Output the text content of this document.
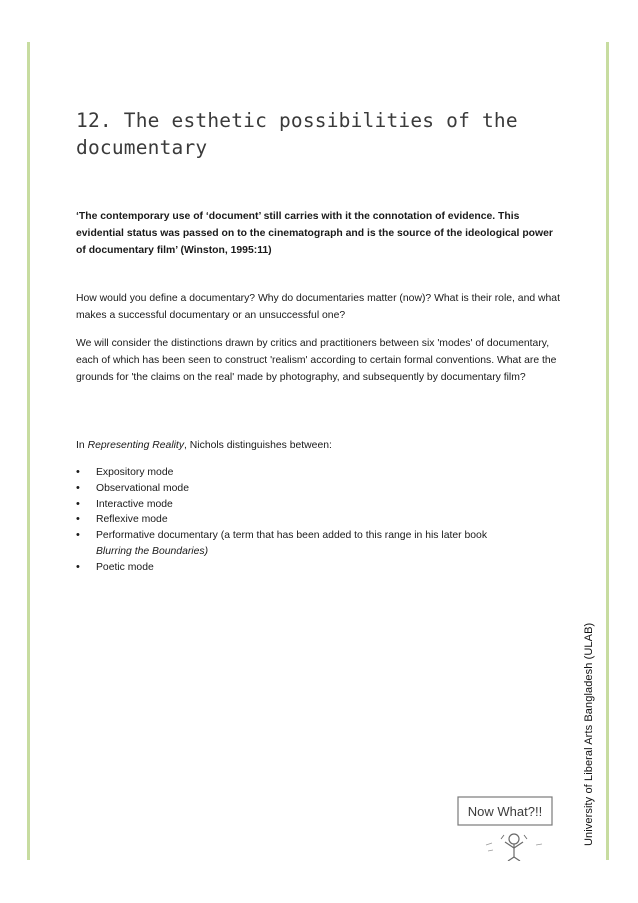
12. The esthetic possibilities of the documentary

‘The contemporary use of ‘document’ still carries with it the connotation of evidence. This evidential status was passed on to the cinematograph and is the source of the ideological power of documentary film’ (Winston, 1995:11)

How would you define a documentary? Why do documentaries matter (now)? What is their role, and what makes a successful documentary or an unsuccessful one?

We will consider the distinctions drawn by critics and practitioners between six 'modes' of documentary, each of which has been seen to construct 'realism' according to certain formal conventions. What are the grounds for 'the claims on the real' made by photography, and subsequently by documentary film?

In Representing Reality, Nichols distinguishes between:

• Expository mode
• Observational mode
• Interactive mode
• Reflexive mode
• Performative documentary (a term that has been added to this range in his later book
Blurring the Boundaries)
• Poetic mode
University of Liberal Arts Bangladesh (ULAB)
Now What?!!
